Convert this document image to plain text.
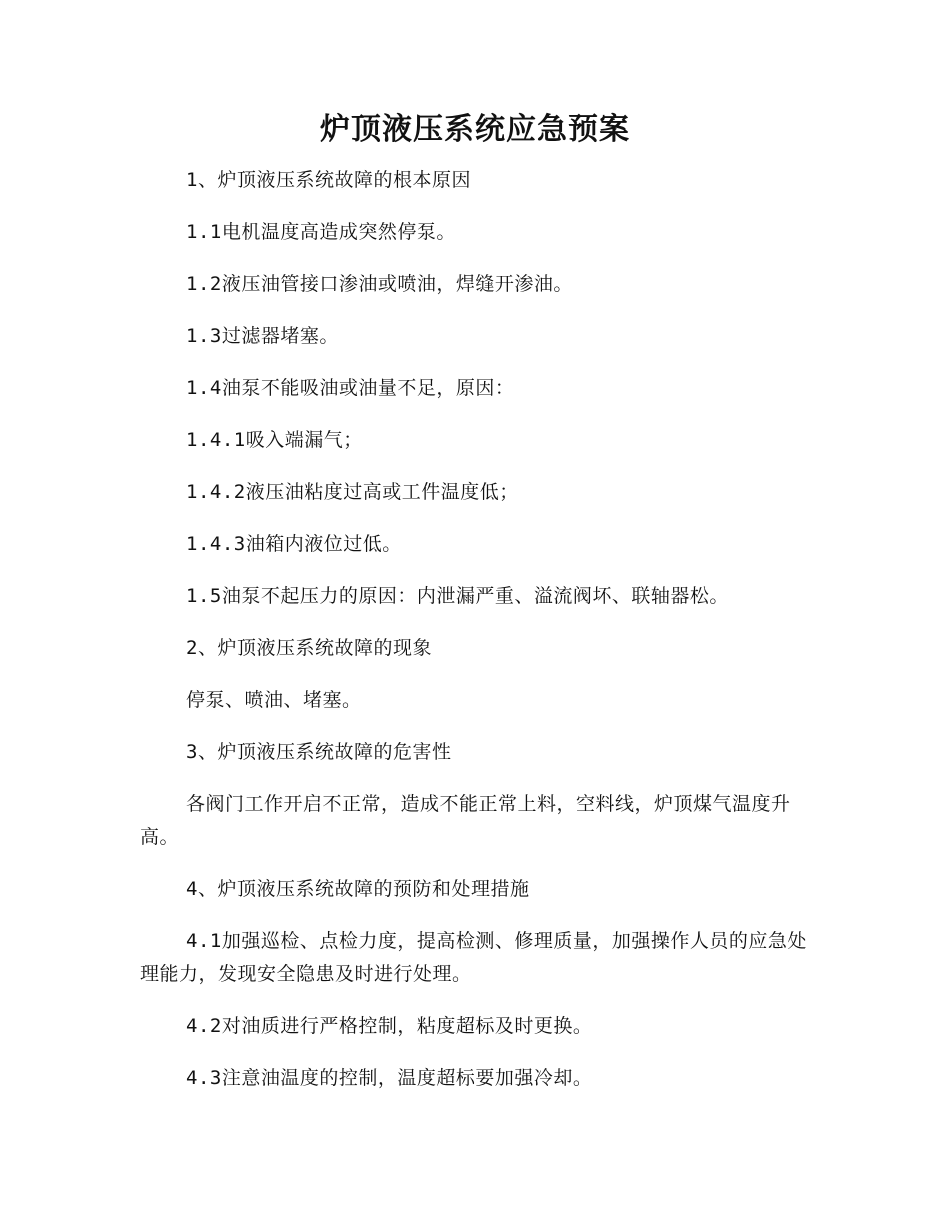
炉顶液压系统应急预案

1、炉顶液压系统故障的根本原因

1.1电机温度高造成突然停泵。

1.2液压油管接口渗油或喷油，焊缝开渗油。

1.3过滤器堵塞。

1.4油泵不能吸油或油量不足，原因：

1.4.1吸入端漏气；

1.4.2液压油粘度过高或工件温度低；

1.4.3油箱内液位过低。

1.5油泵不起压力的原因：内泄漏严重、溢流阀坏、联轴器松。

2、炉顶液压系统故障的现象

停泵、喷油、堵塞。

3、炉顶液压系统故障的危害性

各阀门工作开启不正常，造成不能正常上料，空料线，炉顶煤气温度升高。

4、炉顶液压系统故障的预防和处理措施

4.1加强巡检、点检力度，提高检测、修理质量，加强操作人员的应急处理能力，发现安全隐患及时进行处理。

4.2对油质进行严格控制，粘度超标及时更换。

4.3注意油温度的控制，温度超标要加强冷却。
